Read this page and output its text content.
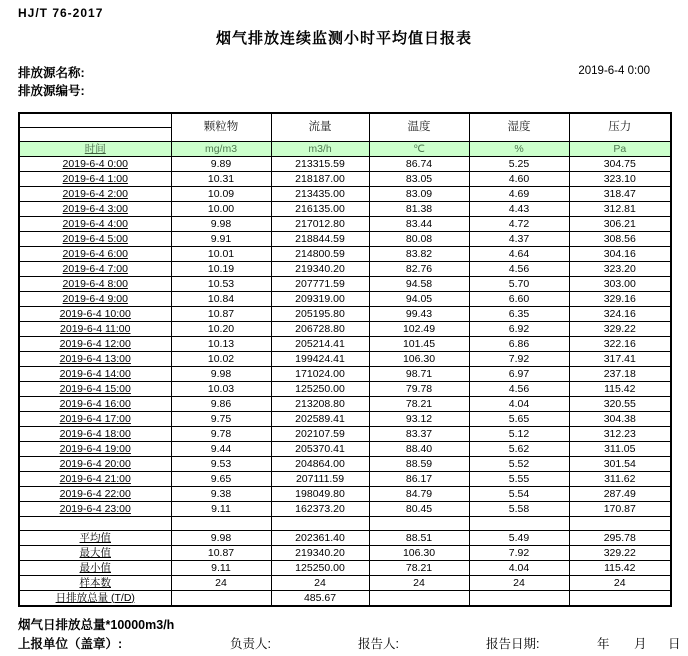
HJ/T 76-2017
烟气排放连续监测小时平均值日报表
排放源名称:
排放源编号:
2019-6-4 0:00
	颗粒物	流量	温度	湿度	压力
时间	mg/m3	m3/h	℃	%	Pa
2019-6-4 0:00	9.89	213315.59	86.74	5.25	304.75
2019-6-4 1:00	10.31	218187.00	83.05	4.60	323.10
2019-6-4 2:00	10.09	213435.00	83.09	4.69	318.47
2019-6-4 3:00	10.00	216135.00	81.38	4.43	312.81
2019-6-4 4:00	9.98	217012.80	83.44	4.72	306.21
2019-6-4 5:00	9.91	218844.59	80.08	4.37	308.56
2019-6-4 6:00	10.01	214800.59	83.82	4.64	304.16
2019-6-4 7:00	10.19	219340.20	82.76	4.56	323.20
2019-6-4 8:00	10.53	207771.59	94.58	5.70	303.00
2019-6-4 9:00	10.84	209319.00	94.05	6.60	329.16
2019-6-4 10:00	10.87	205195.80	99.43	6.35	324.16
2019-6-4 11:00	10.20	206728.80	102.49	6.92	329.22
2019-6-4 12:00	10.13	205214.41	101.45	6.86	322.16
2019-6-4 13:00	10.02	199424.41	106.30	7.92	317.41
2019-6-4 14:00	9.98	171024.00	98.71	6.97	237.18
2019-6-4 15:00	10.03	125250.00	79.78	4.56	115.42
2019-6-4 16:00	9.86	213208.80	78.21	4.04	320.55
2019-6-4 17:00	9.75	202589.41	93.12	5.65	304.38
2019-6-4 18:00	9.78	202107.59	83.37	5.12	312.23
2019-6-4 19:00	9.44	205370.41	88.40	5.62	311.05
2019-6-4 20:00	9.53	204864.00	88.59	5.52	301.54
2019-6-4 21:00	9.65	207111.59	86.17	5.55	311.62
2019-6-4 22:00	9.38	198049.80	84.79	5.54	287.49
2019-6-4 23:00	9.11	162373.20	80.45	5.58	170.87

平均值	9.98	202361.40	88.51	5.49	295.78
最大值	10.87	219340.20	106.30	7.92	329.22
最小值	9.11	125250.00	78.21	4.04	115.42
样本数	24	24	24	24	24
日排放总量 (T/D)		485.67			
烟气日排放总量*10000m3/h
上报单位（盖章）:	负责人:	报告人:	报告日期:	年 月 日
